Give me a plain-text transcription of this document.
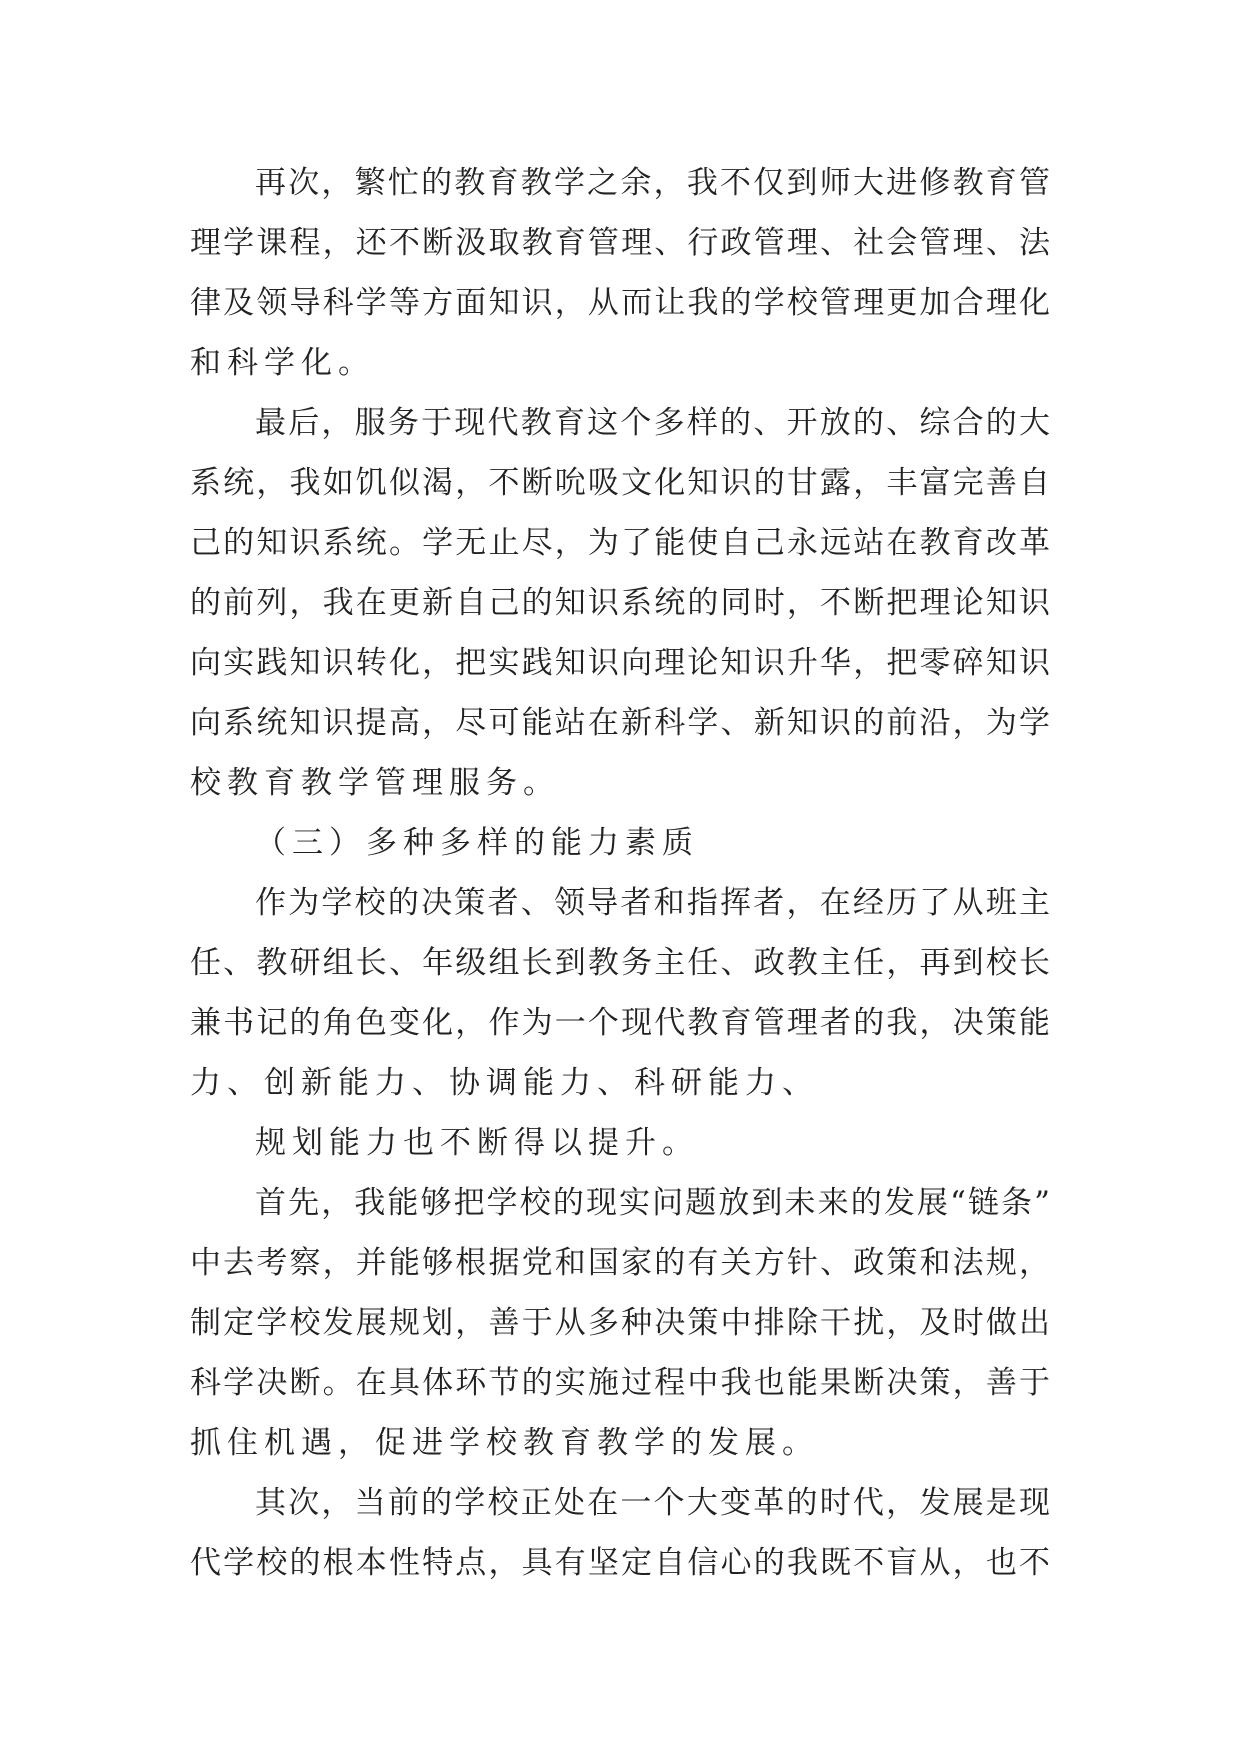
再次，繁忙的教育教学之余，我不仅到师大进修教育管
理学课程，还不断汲取教育管理、行政管理、社会管理、法
律及领导科学等方面知识，从而让我的学校管理更加合理化
和科学化。
最后，服务于现代教育这个多样的、开放的、综合的大
系统，我如饥似渴，不断吮吸文化知识的甘露，丰富完善自
己的知识系统。学无止尽，为了能使自己永远站在教育改革
的前列，我在更新自己的知识系统的同时，不断把理论知识
向实践知识转化，把实践知识向理论知识升华，把零碎知识
向系统知识提高，尽可能站在新科学、新知识的前沿，为学
校教育教学管理服务。
（三）多种多样的能力素质
作为学校的决策者、领导者和指挥者，在经历了从班主
任、教研组长、年级组长到教务主任、政教主任，再到校长
兼书记的角色变化，作为一个现代教育管理者的我，决策能
力、创新能力、协调能力、科研能力、
规划能力也不断得以提升。
首先，我能够把学校的现实问题放到未来的发展“链条”
中去考察，并能够根据党和国家的有关方针、政策和法规，
制定学校发展规划，善于从多种决策中排除干扰，及时做出
科学决断。在具体环节的实施过程中我也能果断决策，善于
抓住机遇，促进学校教育教学的发展。
其次，当前的学校正处在一个大变革的时代，发展是现
代学校的根本性特点，具有坚定自信心的我既不盲从，也不
